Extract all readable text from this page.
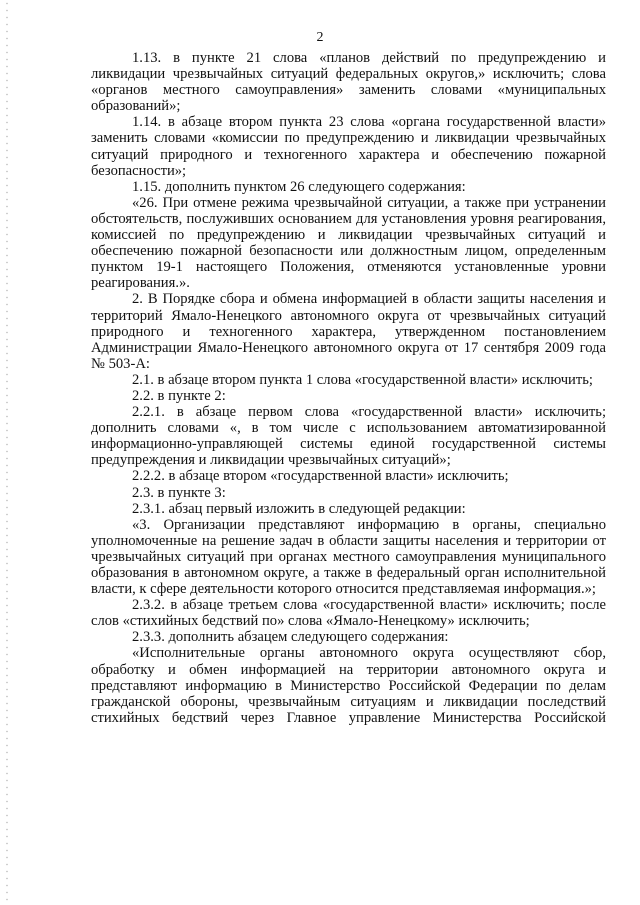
2

1.13. в пункте 21 слова «планов действий по предупреждению и ликвидации чрезвычайных ситуаций федеральных округов,» исключить; слова «органов местного самоуправления» заменить словами «муниципальных образований»;

1.14. в абзаце втором пункта 23 слова «органа государственной власти» заменить словами «комиссии по предупреждению и ликвидации чрезвычайных ситуаций природного и техногенного характера и обеспечению пожарной безопасности»;

1.15. дополнить пунктом 26 следующего содержания:

«26. При отмене режима чрезвычайной ситуации, а также при устранении обстоятельств, послуживших основанием для установления уровня реагирования, комиссией по предупреждению и ликвидации чрезвычайных ситуаций и обеспечению пожарной безопасности или должностным лицом, определенным пунктом 19-1 настоящего Положения, отменяются установленные уровни реагирования.».

2. В Порядке сбора и обмена информацией в области защиты населения и территорий Ямало-Ненецкого автономного округа от чрезвычайных ситуаций природного и техногенного характера, утвержденном постановлением Администрации Ямало-Ненецкого автономного округа от 17 сентября 2009 года № 503-А:

2.1. в абзаце втором пункта 1 слова «государственной власти» исключить;

2.2. в пункте 2:

2.2.1. в абзаце первом слова «государственной власти» исключить; дополнить словами «, в том числе с использованием автоматизированной информационно-управляющей системы единой государственной системы предупреждения и ликвидации чрезвычайных ситуаций»;

2.2.2. в абзаце втором «государственной власти» исключить;

2.3. в пункте 3:

2.3.1. абзац первый изложить в следующей редакции:

«3. Организации представляют информацию в органы, специально уполномоченные на решение задач в области защиты населения и территории от чрезвычайных ситуаций при органах местного самоуправления муниципального образования в автономном округе, а также в федеральный орган исполнительной власти, к сфере деятельности которого относится представляемая информация.»;

2.3.2. в абзаце третьем слова «государственной власти» исключить; после слов «стихийных бедствий по» слова «Ямало-Ненецкому» исключить;

2.3.3. дополнить абзацем следующего содержания:

«Исполнительные органы автономного округа осуществляют сбор, обработку и обмен информацией на территории автономного округа и представляют информацию в Министерство Российской Федерации по делам гражданской обороны, чрезвычайным ситуациям и ликвидации последствий стихийных бедствий через Главное управление Министерства Российской
